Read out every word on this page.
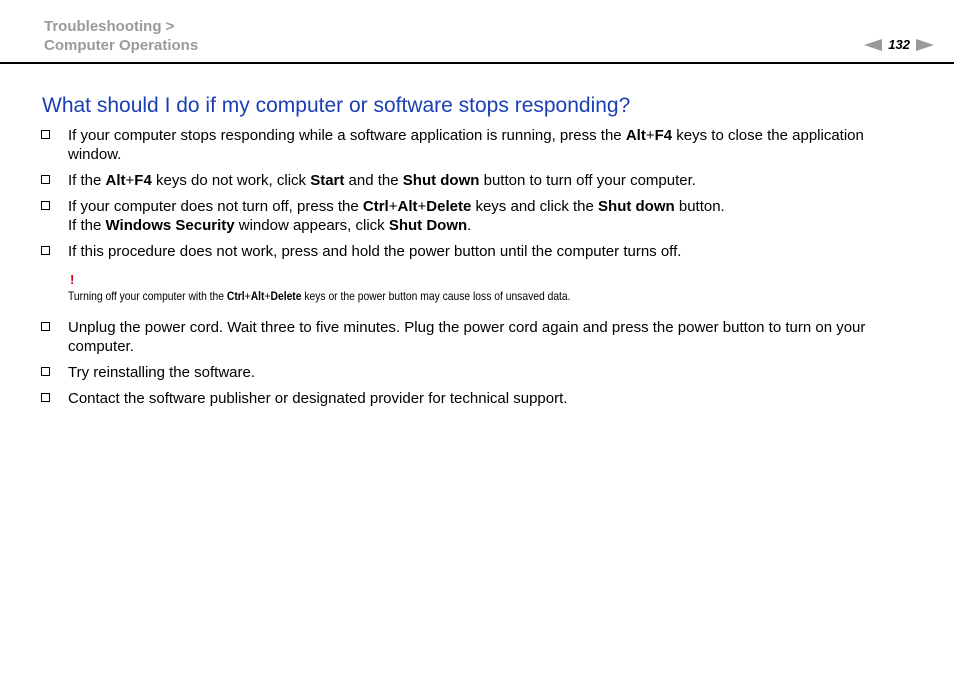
Troubleshooting >
Computer Operations	132
What should I do if my computer or software stops responding?
If your computer stops responding while a software application is running, press the Alt+F4 keys to close the application window.
If the Alt+F4 keys do not work, click Start and the Shut down button to turn off your computer.
If your computer does not turn off, press the Ctrl+Alt+Delete keys and click the Shut down button.
If the Windows Security window appears, click Shut Down.
If this procedure does not work, press and hold the power button until the computer turns off.
!
Turning off your computer with the Ctrl+Alt+Delete keys or the power button may cause loss of unsaved data.
Unplug the power cord. Wait three to five minutes. Plug the power cord again and press the power button to turn on your computer.
Try reinstalling the software.
Contact the software publisher or designated provider for technical support.
